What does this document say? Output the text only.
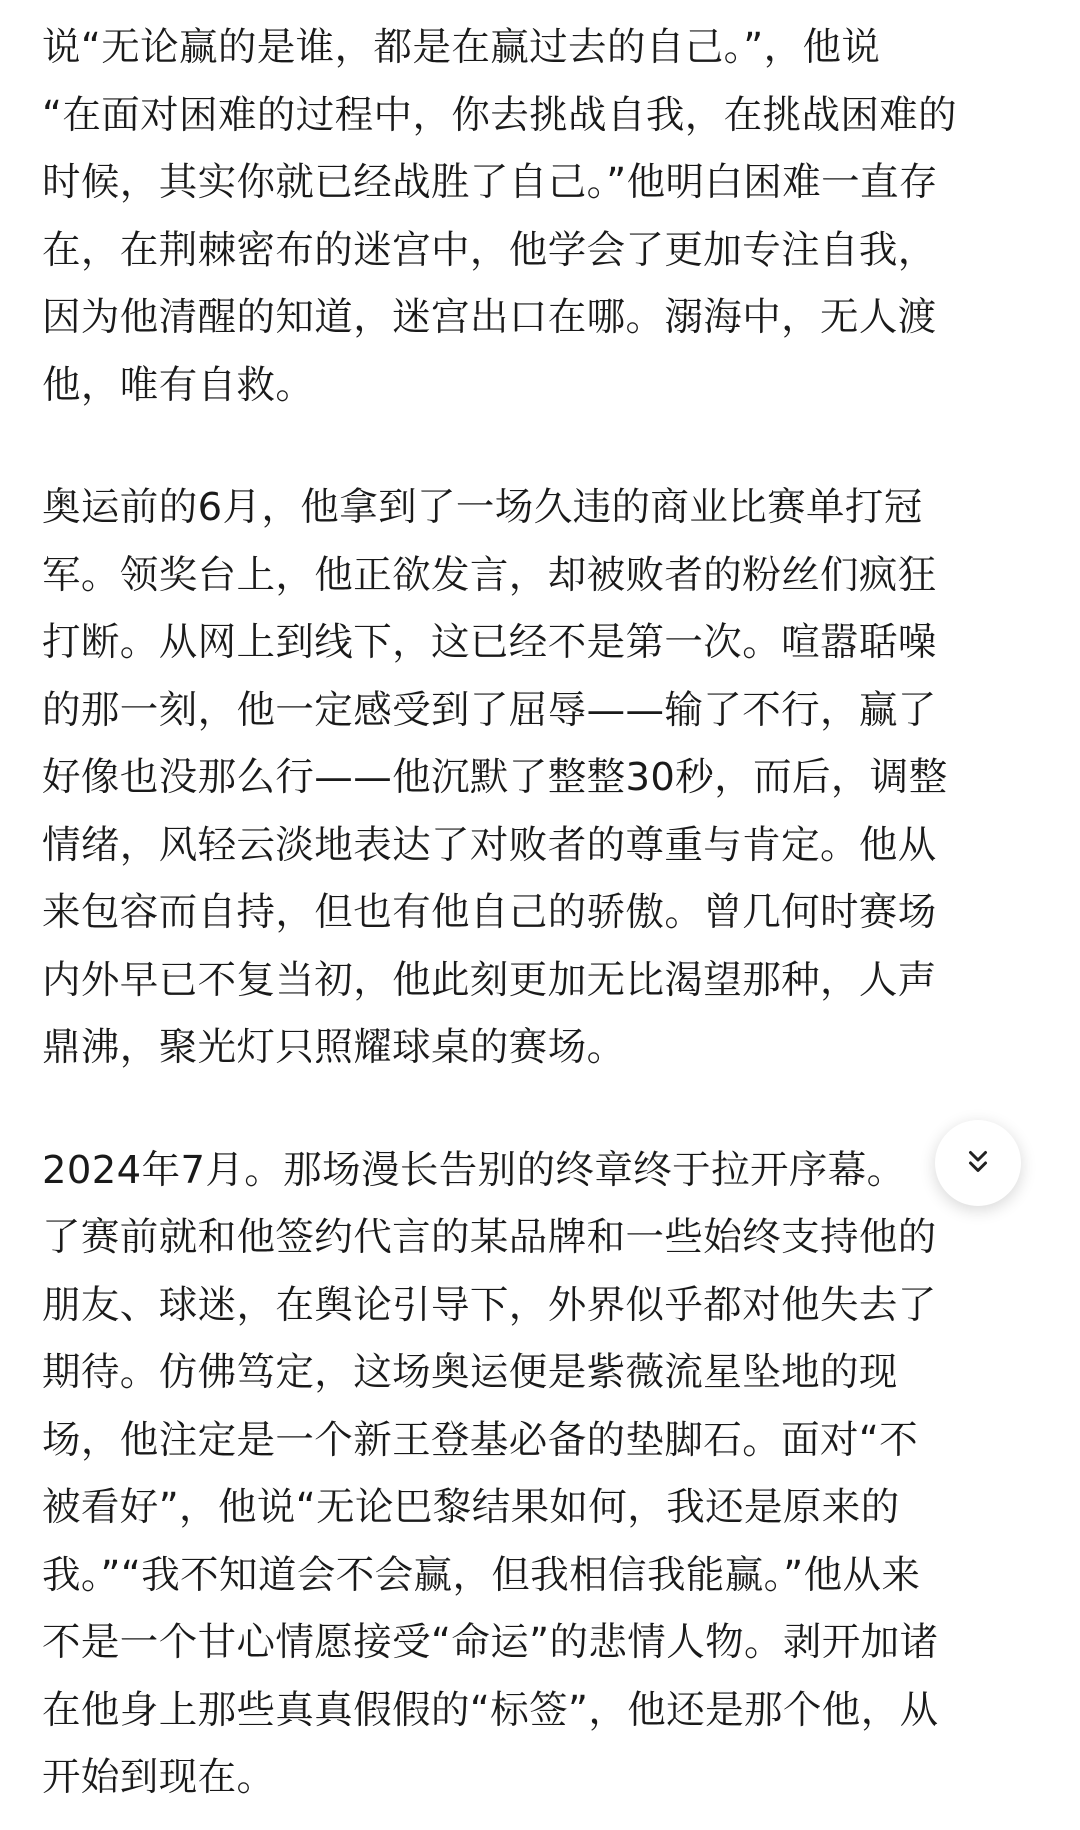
说“无论赢的是谁，都是在赢过去的自己。”，他说
“在面对困难的过程中，你去挑战自我，在挑战困难的
时候，其实你就已经战胜了自己。”他明白困难一直存
在，在荆棘密布的迷宫中，他学会了更加专注自我，
因为他清醒的知道，迷宫出口在哪。溺海中，无人渡
他，唯有自救。

奥运前的6月，他拿到了一场久违的商业比赛单打冠
军。领奖台上，他正欲发言，却被败者的粉丝们疯狂
打断。从网上到线下，这已经不是第一次。喧嚣聒噪
的那一刻，他一定感受到了屈辱——输了不行，赢了
好像也没那么行——他沉默了整整30秒，而后，调整
情绪，风轻云淡地表达了对败者的尊重与肯定。他从
来包容而自持，但也有他自己的骄傲。曾几何时赛场
内外早已不复当初，他此刻更加无比渴望那种，人声
鼎沸，聚光灯只照耀球桌的赛场。

2024年7月。那场漫长告别的终章终于拉开序幕。
了赛前就和他签约代言的某品牌和一些始终支持他的
朋友、球迷，在舆论引导下，外界似乎都对他失去了
期待。仿佛笃定，这场奥运便是紫薇流星坠地的现
场，他注定是一个新王登基必备的垫脚石。面对“不
被看好”，他说“无论巴黎结果如何，我还是原来的
我。”“我不知道会不会赢，但我相信我能赢。”他从来
不是一个甘心情愿接受“命运”的悲情人物。剥开加诸
在他身上那些真真假假的“标签”，他还是那个他，从
开始到现在。
